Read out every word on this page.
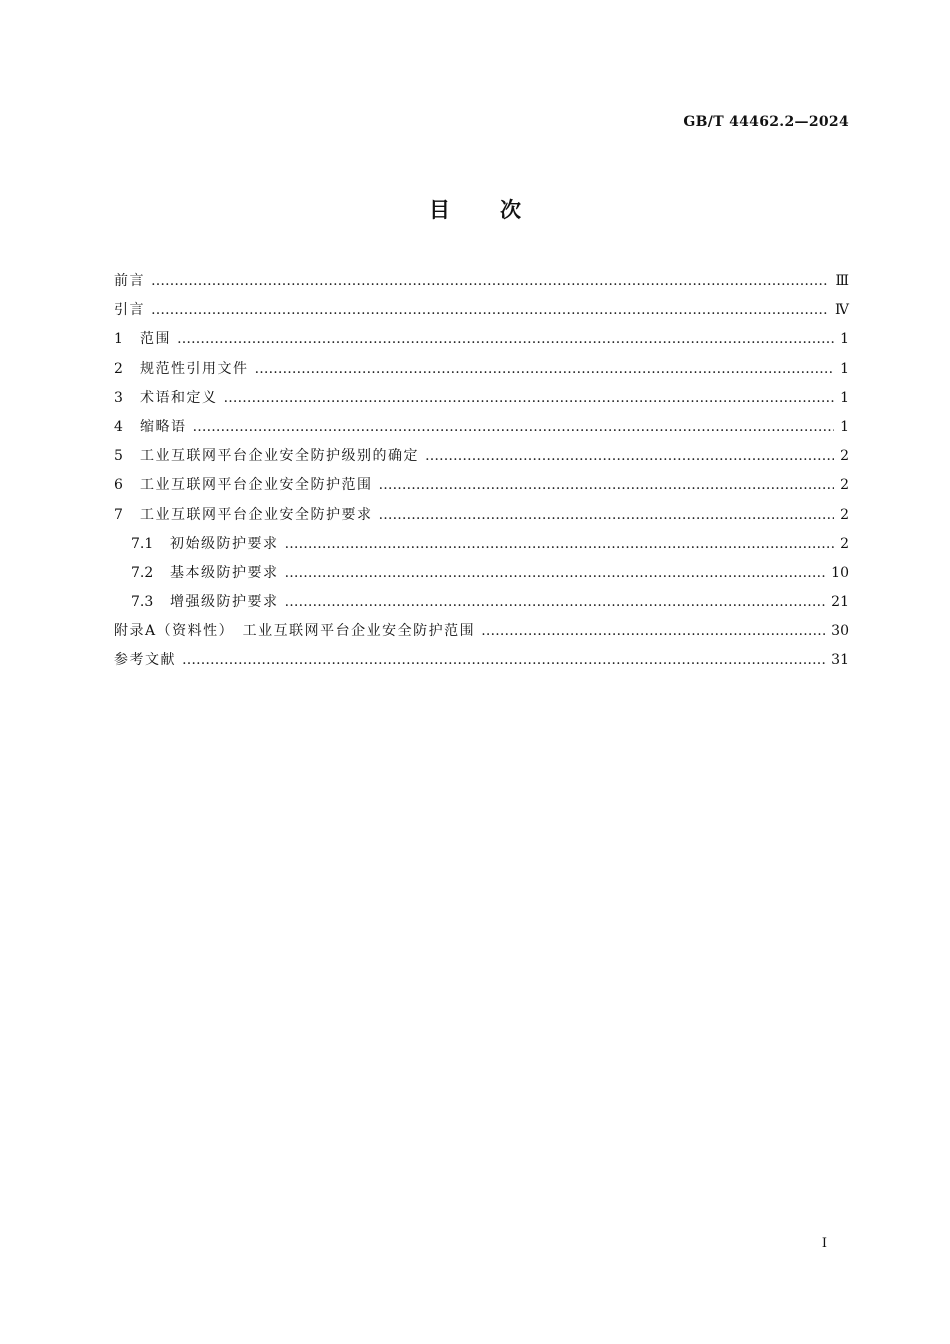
GB/T 44462.2—2024
目次
前言 …………………………………………………………………………………………………………………………………………………………………………………………………………………………………………………………	Ⅲ
引言 …………………………………………………………………………………………………………………………………………………………………………………………………………………………………………………………	Ⅳ
1	范围 …………………………………………………………………………………………………………………………………………………………………………………………………………………………………………………………	1
2	规范性引用文件 …………………………………………………………………………………………………………………………………………………………………………………………………………………………………………………………	1
3	术语和定义 …………………………………………………………………………………………………………………………………………………………………………………………………………………………………………………………	1
4	缩略语 …………………………………………………………………………………………………………………………………………………………………………………………………………………………………………………………	1
5	工业互联网平台企业安全防护级别的确定 …………………………………………………………………………………………………………………………………………………………………………………………………………………………………………………………	2
6	工业互联网平台企业安全防护范围 …………………………………………………………………………………………………………………………………………………………………………………………………………………………………………………………	2
7	工业互联网平台企业安全防护要求 …………………………………………………………………………………………………………………………………………………………………………………………………………………………………………………………	2
7.1	初始级防护要求 …………………………………………………………………………………………………………………………………………………………………………………………………………………………………………………………	2
7.2	基本级防护要求 …………………………………………………………………………………………………………………………………………………………………………………………………………………………………………………………	10
7.3	增强级防护要求 …………………………………………………………………………………………………………………………………………………………………………………………………………………………………………………………	21
附录A（资料性）　工业互联网平台企业安全防护范围 …………………………………………………………………………………………………………………………………………………………………………………………………………………………………………………………	30
参考文献 …………………………………………………………………………………………………………………………………………………………………………………………………………………………………………………………	31
I
